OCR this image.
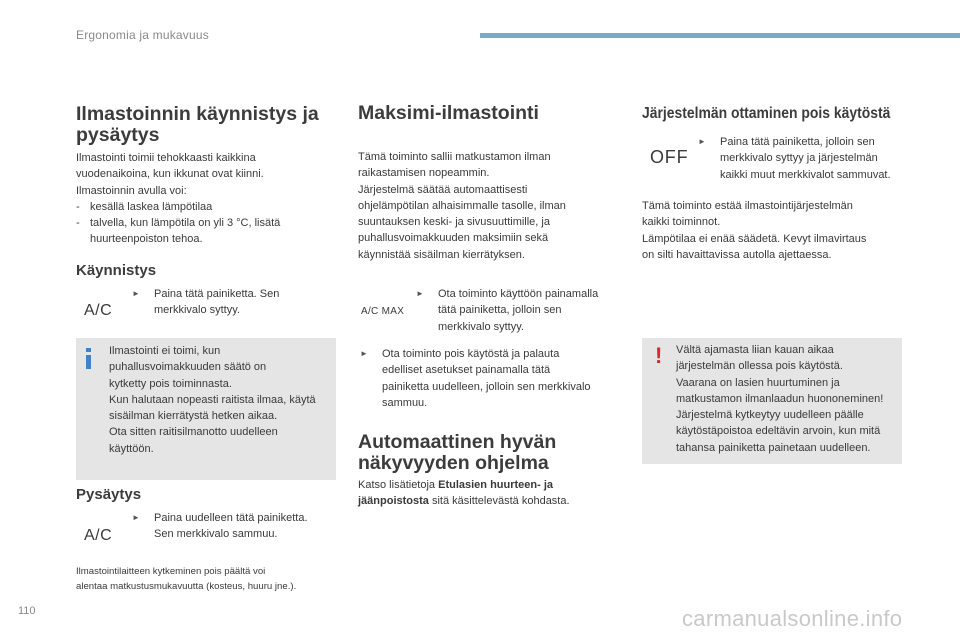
Ergonomia ja mukavuus
Ilmastoinnin käynnistys ja
pysäytys

Ilmastointi toimii tehokkaasti kaikkina

vuodenaikoina, kun ikkunat ovat kiinni.

Ilmastoinnin avulla voi:

- kesällä laskea lämpötilaa
- talvella, kun lämpötila on yli 3 °C, lisätä
huurteenpoiston tehoa.
Käynnistys
A/C
► Paina tätä painiketta. Sen
merkkivalo syttyy.

Ilmastointi ei toimi, kun

puhallusvoimakkuuden säätö on

kytketty pois toiminnasta.

Kun halutaan nopeasti raitista ilmaa, käytä

sisäilman kierrätystä hetken aikaa.

Ota sitten raitisilmanotto uudelleen

käyttöön.

Pysäytys
A/C
► Paina uudelleen tätä painiketta.
Sen merkkivalo sammuu.
Ilmastointilaitteen kytkeminen pois päältä voi
alentaa matkustusmukavuutta (kosteus, huuru jne.).
Maksimi-ilmastointi

Tämä toiminto sallii matkustamon ilman

raikastamisen nopeammin.

Järjestelmä säätää automaattisesti

ohjelämpötilan alhaisimmalle tasolle, ilman

suuntauksen keski- ja sivusuuttimille, ja

puhallusvoimakkuuden maksimiin sekä

käynnistää sisäilman kierrätyksen.

A/C MAX
► Ota toiminto käyttöön painamalla
tätä painiketta, jolloin sen
merkkivalo syttyy.
► Ota toiminto pois käytöstä ja palauta
edelliset asetukset painamalla tätä
painiketta uudelleen, jolloin sen merkkivalo
sammuu.
Automaattinen hyvän
näkyvyyden ohjelma
Katso lisätietoja Etulasien huurteen- ja
jäänpoistosta sitä käsittelevästä kohdasta.
Järjestelmän ottaminen pois käytöstä
OFF
► Paina tätä painiketta, jolloin sen
merkkivalo syttyy ja järjestelmän
kaikki muut merkkivalot sammuvat.

Tämä toiminto estää ilmastointijärjestelmän

kaikki toiminnot.

Lämpötilaa ei enää säädetä. Kevyt ilmavirtaus

on silti havaittavissa autolla ajettaessa.

! Vältä ajamasta liian kauan aikaa

järjestelmän ollessa pois käytöstä.

Vaarana on lasien huurtuminen ja

matkustamon ilmanlaadun huononeminen!

Järjestelmä kytkeytyy uudelleen päälle

käytöstäpoistoa edeltävin arvoin, kun mitä

tahansa painiketta painetaan uudelleen.

110	carmanualsonline.info
